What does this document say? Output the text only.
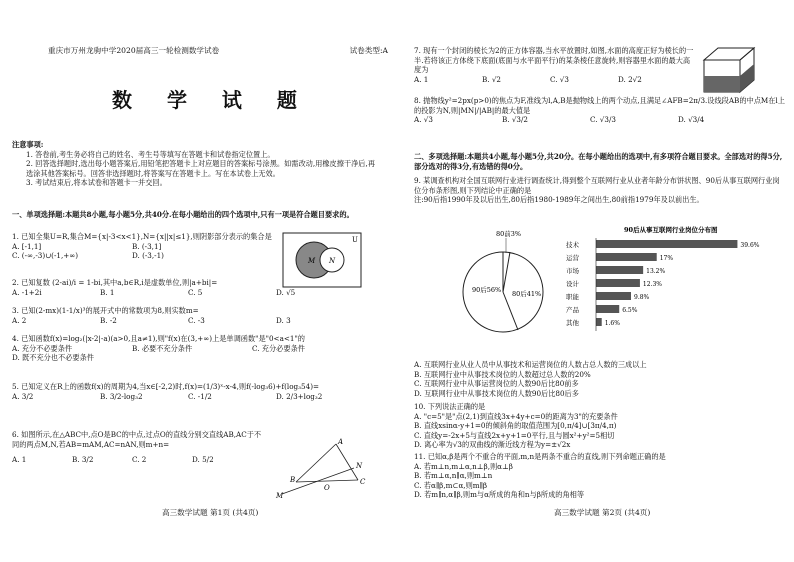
重庆市万州龙驹中学2020届高三一轮检测数学试卷	试卷类型:A
数 学 试 题
注意事项:
1. 答卷前,考生务必将自己的姓名、考生号等填写在答题卡和试卷指定位置上。
2. 回答选择题时,选出每小题答案后,用铅笔把答题卡上对应题目的答案标号涂黑。如需改动,用橡皮擦干净后,再选涂其他答案标号。回答非选择题时,将答案写在答题卡上。写在本试卷上无效。
3. 考试结束后,将本试卷和答题卡一并交回。
一、单项选择题:本题共8小题,每小题5分,共40分.在每小题给出的四个选项中,只有一项是符合题目要求的。
1. 已知全集U=R,集合M={x|-3<x<1},N={x||x|≤1},则阴影部分表示的集合是
A. [-1,1]	B. (-3,1]
C. (-∞,-3)∪(-1,+∞)	D. (-3,-1)
U
M N
2. 已知复数 (2-ai)/i = 1-bi,其中a,b∈R,i是虚数单位,则|a+bi|=
A. -1+2i	B. 1	C. 5	D. √5
3. 已知(2-mx)(1-1/x)³的展开式中的常数项为8,则实数m=
A. 2	B. -2	C. -3	D. 3
4. 已知函数f(x)=log₂(|x-2|-a)(a>0,且a≠1),则"f(x)在(3,+∞)上是单调函数"是"0<a<1"的
A. 充分不必要条件	B. 必要不充分条件	C. 充分必要条件
D. 既不充分也不必要条件
5. 已知定义在R上的函数f(x)的周期为4,当x∈[-2,2)时,f(x)=(1/3)ˣ-x-4,则f(-log₃6)+f(log₃54)=
A. 3/2	B. 3/2-log₃2	C. -1/2	D. 2/3+log₃2
6. 如图所示,在△ABC中,点O是BC的中点,过点O的直线分别交直线AB,AC于不同的两点M,N,若AB=mAM,AC=nAN,则m+n=
A. 1	B. 3/2	C. 2	D. 5/2
A
B	C
O
M
N
高三数学试题 第1页 (共4页)
7. 现有一个封闭的棱长为2的正方体容器,当水平放置时,如图,水面的高度正好为棱长的一半.若将该正方体绕下底面(底面与水平面平行)的某条棱任意旋转,则容器里水面的最大高度为
A. 1	B. √2	C. √3	D. 2√2
8. 抛物线y²=2px(p>0)的焦点为F,准线为l,A,B是抛物线上的两个动点,且满足∠AFB=2π/3.设线段AB的中点M在l上的投影为N,则|MN|/|AB|的最大值是
A. √3	B. √3/2	C. √3/3	D. √3/4
二、多项选择题:本题共4小题,每小题5分,共20分。在每小题给出的选项中,有多项符合题目要求。全部选对的得5分,部分选对的得3分,有选错的得0分。
9. 某调查机构对全国互联网行业进行调查统计,得到整个互联网行业从业者年龄分布饼状图、90后从事互联网行业岗位分布条形图,则下列结论中正确的是
注:90后指1990年及以后出生,80后指1980-1989年之间出生,80前指1979年及以前出生。
80前3%
80后41%
90后56%
90后从事互联网行业岗位分布图
技术	39.6%
运营	17%
市场	13.2%
设计	12.3%
职能	9.8%
产品	6.5%
其他	1.6%
A. 互联网行业从业人员中从事技术和运营岗位的人数占总人数的三成以上
B. 互联网行业中从事技术岗位的人数超过总人数的20%
C. 互联网行业中从事运营岗位的人数90后比80前多
D. 互联网行业中从事技术岗位的人数90后比80后多
10. 下列说法正确的是
A. "c=5"是"点(2,1)到直线3x+4y+c=0的距离为3"的充要条件
B. 直线xsinα-y+1=0的倾斜角的取值范围为[0,π/4]∪[3π/4,π)
C. 直线y=-2x+5与直线2x+y+1=0平行,且与圆x²+y²=5相切
D. 离心率为√3的双曲线的渐近线方程为y=±√2x
11. 已知α,β是两个不重合的平面,m,n是两条不重合的直线,则下列命题正确的是
A. 若m⊥n,m⊥α,n⊥β,则α⊥β
B. 若m⊥α,n∥α,则m⊥n
C. 若α∥β,m⊂α,则m∥β
D. 若m∥n,α∥β,则m与α所成的角和n与β所成的角相等
高三数学试题 第2页 (共4页)
